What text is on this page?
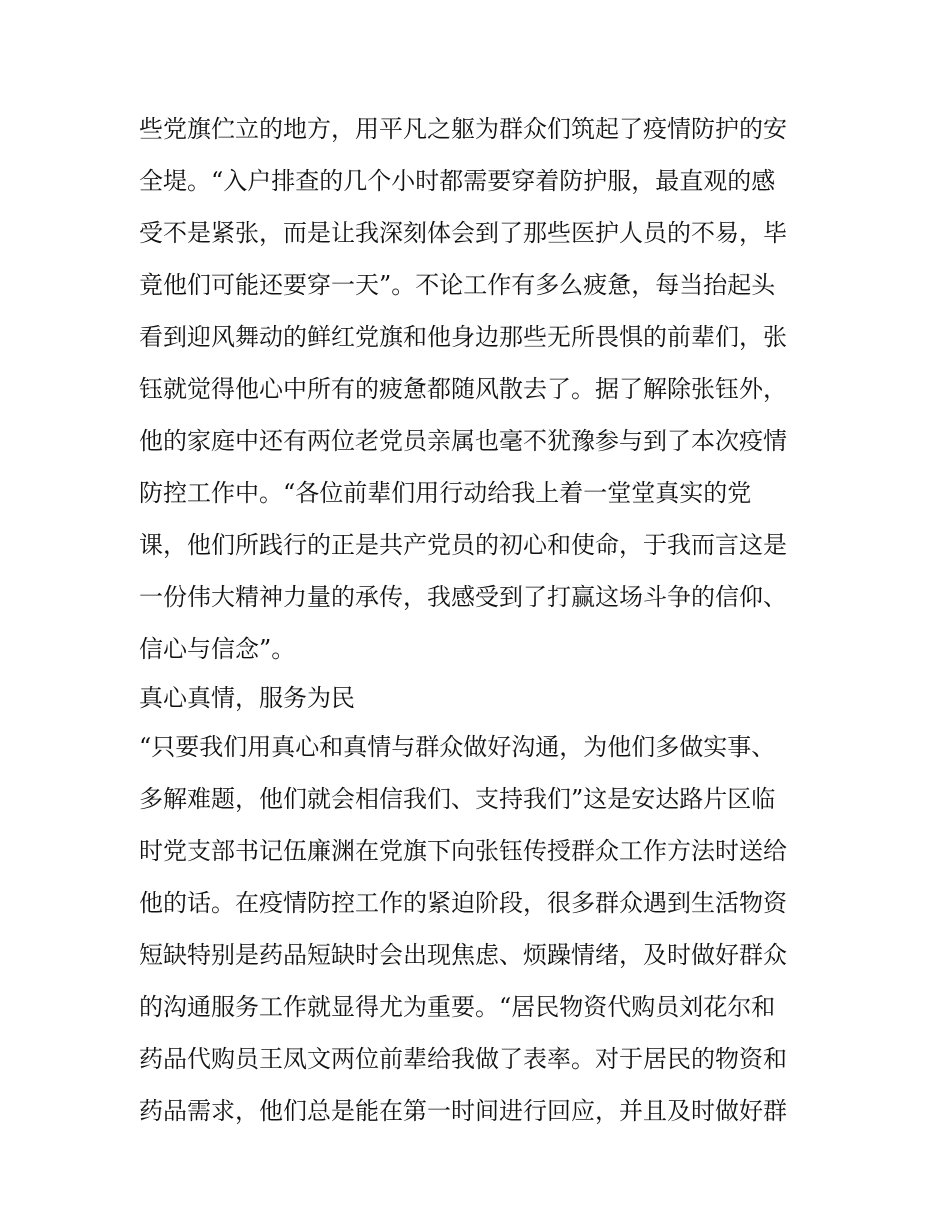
些党旗伫立的地方，用平凡之躯为群众们筑起了疫情防护的安
全堤。“入户排查的几个小时都需要穿着防护服，最直观的感
受不是紧张，而是让我深刻体会到了那些医护人员的不易，毕
竟他们可能还要穿一天”。不论工作有多么疲惫，每当抬起头
看到迎风舞动的鲜红党旗和他身边那些无所畏惧的前辈们，张
钰就觉得他心中所有的疲惫都随风散去了。据了解除张钰外，
他的家庭中还有两位老党员亲属也毫不犹豫参与到了本次疫情
防控工作中。“各位前辈们用行动给我上着一堂堂真实的党
课，他们所践行的正是共产党员的初心和使命，于我而言这是
一份伟大精神力量的承传，我感受到了打赢这场斗争的信仰、
信心与信念”。
真心真情，服务为民
“只要我们用真心和真情与群众做好沟通，为他们多做实事、
多解难题，他们就会相信我们、支持我们”这是安达路片区临
时党支部书记伍廉渊在党旗下向张钰传授群众工作方法时送给
他的话。在疫情防控工作的紧迫阶段，很多群众遇到生活物资
短缺特别是药品短缺时会出现焦虑、烦躁情绪，及时做好群众
的沟通服务工作就显得尤为重要。“居民物资代购员刘花尔和
药品代购员王凤文两位前辈给我做了表率。对于居民的物资和
药品需求，他们总是能在第一时间进行回应，并且及时做好群
